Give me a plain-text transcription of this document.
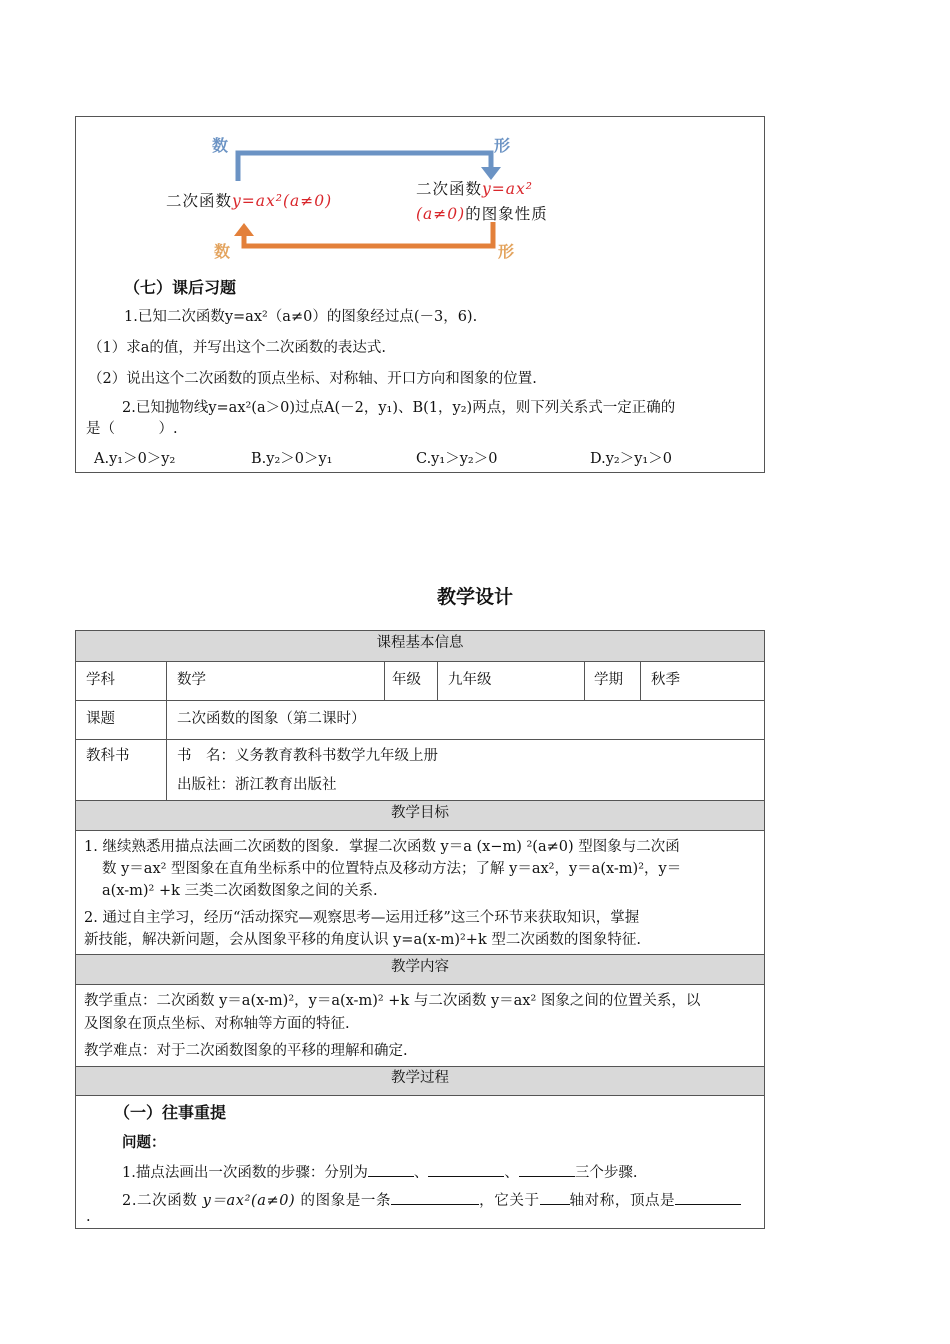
数	形
数	形
二次函数y=ax²(a≠0)
二次函数y=ax²
(a≠0)的图象性质
（七）课后习题
1.已知二次函数y=ax²（a≠0）的图象经过点(－3，6).
（1）求a的值，并写出这个二次函数的表达式.
（2）说出这个二次函数的顶点坐标、对称轴、开口方向和图象的位置.
2.已知抛物线y=ax²(a＞0)过点A(－2，y₁)、B(1，y₂)两点，则下列关系式一定正确的
是（　　　）.
A.y₁＞0＞y₂	B.y₂＞0＞y₁	C.y₁＞y₂＞0	D.y₂＞y₁＞0
教学设计
课程基本信息
学科	数学	年级 九年级	学期 秋季
课题	二次函数的图象（第二课时）
教科书	书　名：义务教育教科书数学九年级上册
出版社：浙江教育出版社
教学目标
1. 继续熟悉用描点法画二次函数的图象．掌握二次函数 y＝a (x−m) ²(a≠0) 型图象与二次函
数 y＝ax² 型图象在直角坐标系中的位置特点及移动方法；了解 y＝ax²，y＝a(x-m)²，y＝
a(x-m)² +k 三类二次函数图象之间的关系.
2. 通过自主学习，经历“活动探究—观察思考—运用迁移”这三个环节来获取知识，掌握
新技能，解决新问题，会从图象平移的角度认识 y=a(x-m)²+k 型二次函数的图象特征.
教学内容
教学重点：二次函数 y＝a(x-m)²，y＝a(x-m)² +k 与二次函数 y＝ax² 图象之间的位置关系，以
及图象在顶点坐标、对称轴等方面的特征.
教学难点：对于二次函数图象的平移的理解和确定.
教学过程
（一）往事重提
问题：
1.描点法画出一次函数的步骤：分别为	、	、	三个步骤.
2.二次函数 y＝ax²(a≠0) 的图象是一条	，它关于 轴对称，顶点是
.
